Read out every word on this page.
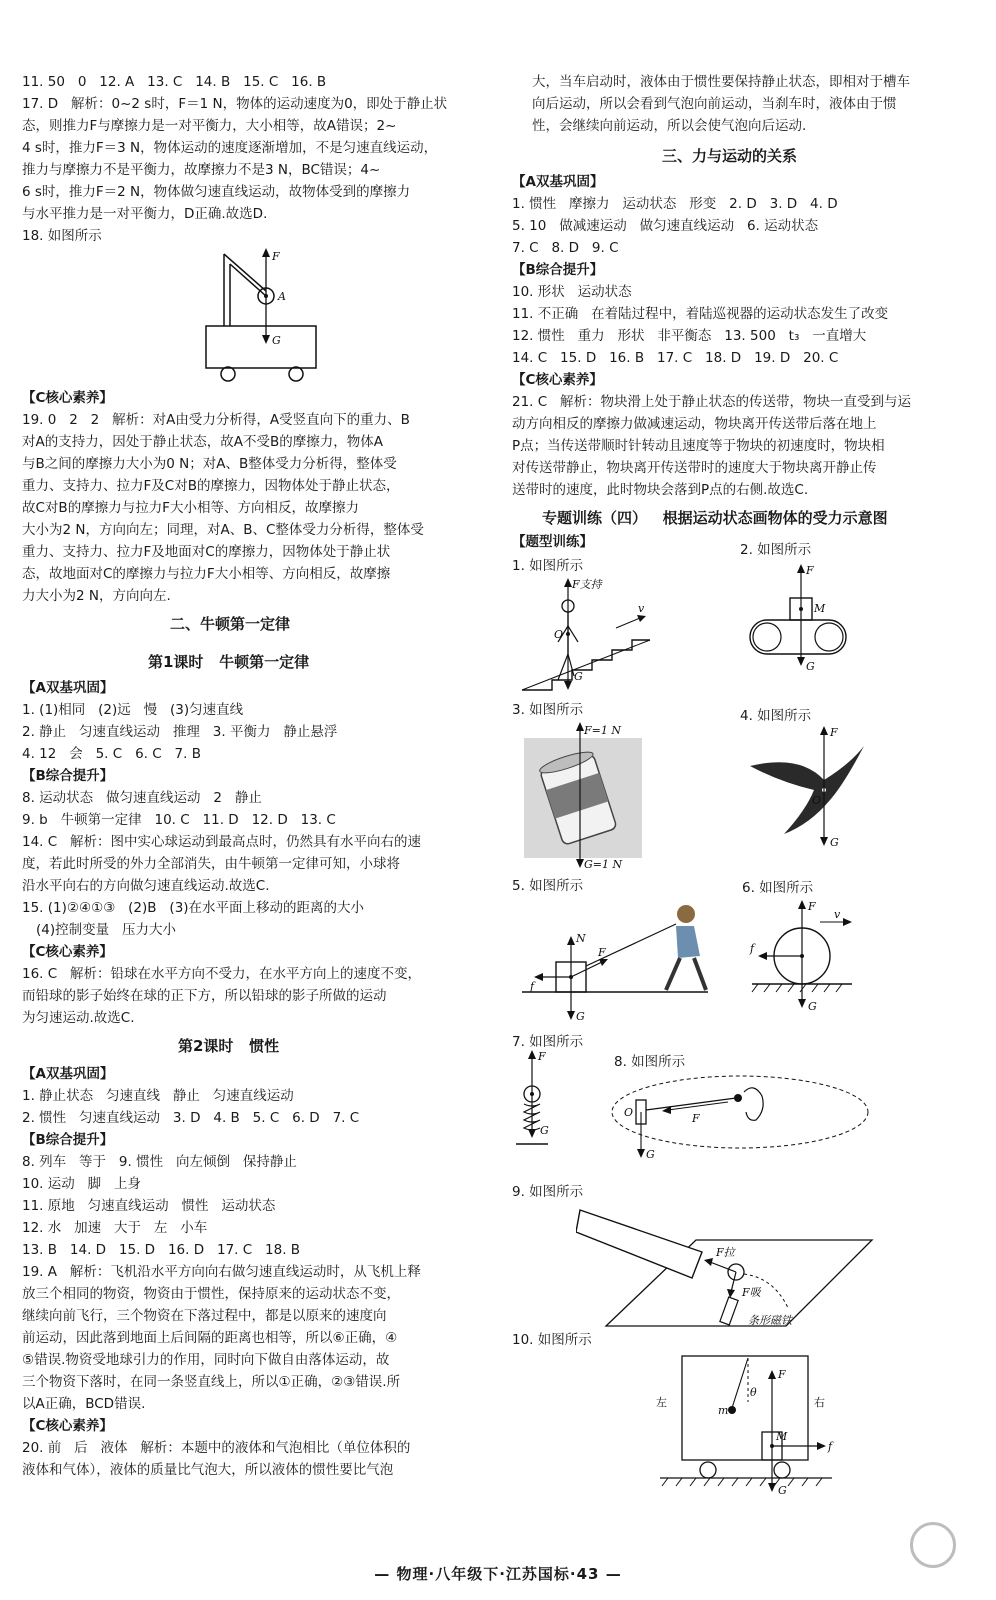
11. 50   0   12. A   13. C   14. B   15. C   16. B
17. D   解析：0~2 s时，F＝1 N，物体的运动速度为0，即处于静止状
态，则推力F与摩擦力是一对平衡力，大小相等，故A错误；2~
4 s时，推力F＝3 N，物体运动的速度逐渐增加，不是匀速直线运动，
推力与摩擦力不是平衡力，故摩擦力不是3 N，BC错误；4~
6 s时，推力F＝2 N，物体做匀速直线运动，故物体受到的摩擦力
与水平推力是一对平衡力，D正确.故选D.
18. 如图所示
F
A
G
【C核心素养】
19. 0   2   2   解析：对A由受力分析得，A受竖直向下的重力、B
对A的支持力，因处于静止状态，故A不受B的摩擦力，物体A
与B之间的摩擦力大小为0 N；对A、B整体受力分析得，整体受
重力、支持力、拉力F及C对B的摩擦力，因物体处于静止状态，
故C对B的摩擦力与拉力F大小相等、方向相反，故摩擦力
大小为2 N，方向向左；同理，对A、B、C整体受力分析得，整体受
重力、支持力、拉力F及地面对C的摩擦力，因物体处于静止状
态，故地面对C的摩擦力与拉力F大小相等、方向相反，故摩擦
力大小为2 N，方向向左.
二、牛顿第一定律
第1课时   牛顿第一定律
【A双基巩固】
1. (1)相同   (2)远   慢   (3)匀速直线
2. 静止   匀速直线运动   推理   3. 平衡力   静止悬浮
4. 12   会   5. C   6. C   7. B
【B综合提升】
8. 运动状态   做匀速直线运动   2   静止
9. b   牛顿第一定律   10. C   11. D   12. D   13. C
14. C   解析：图中实心球运动到最高点时，仍然具有水平向右的速
度，若此时所受的外力全部消失，由牛顿第一定律可知，小球将
沿水平向右的方向做匀速直线运动.故选C.
15. (1)②④①③   (2)B   (3)在水平面上移动的距离的大小
(4)控制变量   压力大小
【C核心素养】
16. C   解析：铅球在水平方向不受力，在水平方向上的速度不变，
而铅球的影子始终在球的正下方，所以铅球的影子所做的运动
为匀速运动.故选C.
第2课时   惯性
【A双基巩固】
1. 静止状态   匀速直线   静止   匀速直线运动
2. 惯性   匀速直线运动   3. D   4. B   5. C   6. D   7. C
【B综合提升】
8. 列车   等于   9. 惯性   向左倾倒   保持静止
10. 运动   脚   上身
11. 原地   匀速直线运动   惯性   运动状态
12. 水   加速   大于   左   小车
13. B   14. D   15. D   16. D   17. C   18. B
19. A   解析：飞机沿水平方向向右做匀速直线运动时，从飞机上释
放三个相同的物资，物资由于惯性，保持原来的运动状态不变，
继续向前飞行，三个物资在下落过程中，都是以原来的速度向
前运动，因此落到地面上后间隔的距离也相等，所以⑥正确，④
⑤错误.物资受地球引力的作用，同时向下做自由落体运动，故
三个物资下落时，在同一条竖直线上，所以①正确，②③错误.所
以A正确，BCD错误.
【C核心素养】
20. 前   后   液体   解析：本题中的液体和气泡相比（单位体积的
液体和气体），液体的质量比气泡大，所以液体的惯性要比气泡
大，当车启动时，液体由于惯性要保持静止状态，即相对于槽车
向后运动，所以会看到气泡向前运动，当刹车时，液体由于惯
性，会继续向前运动，所以会使气泡向后运动.
三、力与运动的关系
【A双基巩固】
1. 惯性   摩擦力   运动状态   形变   2. D   3. D   4. D
5. 10   做减速运动   做匀速直线运动   6. 运动状态
7. C   8. D   9. C
【B综合提升】
10. 形状   运动状态
11. 不正确   在着陆过程中，着陆巡视器的运动状态发生了改变
12. 惯性   重力   形状   非平衡态   13. 500   t₃   一直增大
14. C   15. D   16. B   17. C   18. D   19. D   20. C
【C核心素养】
21. C   解析：物块滑上处于静止状态的传送带，物块一直受到与运
动方向相反的摩擦力做减速运动，物块离开传送带后落在地上
P点；当传送带顺时针转动且速度等于物块的初速度时，物块相
对传送带静止，物块离开传送带时的速度大于物块离开静止传
送带时的速度，此时物块会落到P点的右侧.故选C.
专题训练（四）   根据运动状态画物体的受力示意图
【题型训练】
1. 如图所示
F支持
O
G
v
2. 如图所示
F
M
G
3. 如图所示
F=1 N
G=1 N
4. 如图所示
F
O
G
5. 如图所示
N
F
f
G
6. 如图所示
F
v
f
G
7. 如图所示
F
G
8. 如图所示
O	F
G
9. 如图所示
F拉
F吸
条形磁铁
10. 如图所示
F
θ
m
M
f
G
左	右
— 物理·八年级下·江苏国标·43 —
